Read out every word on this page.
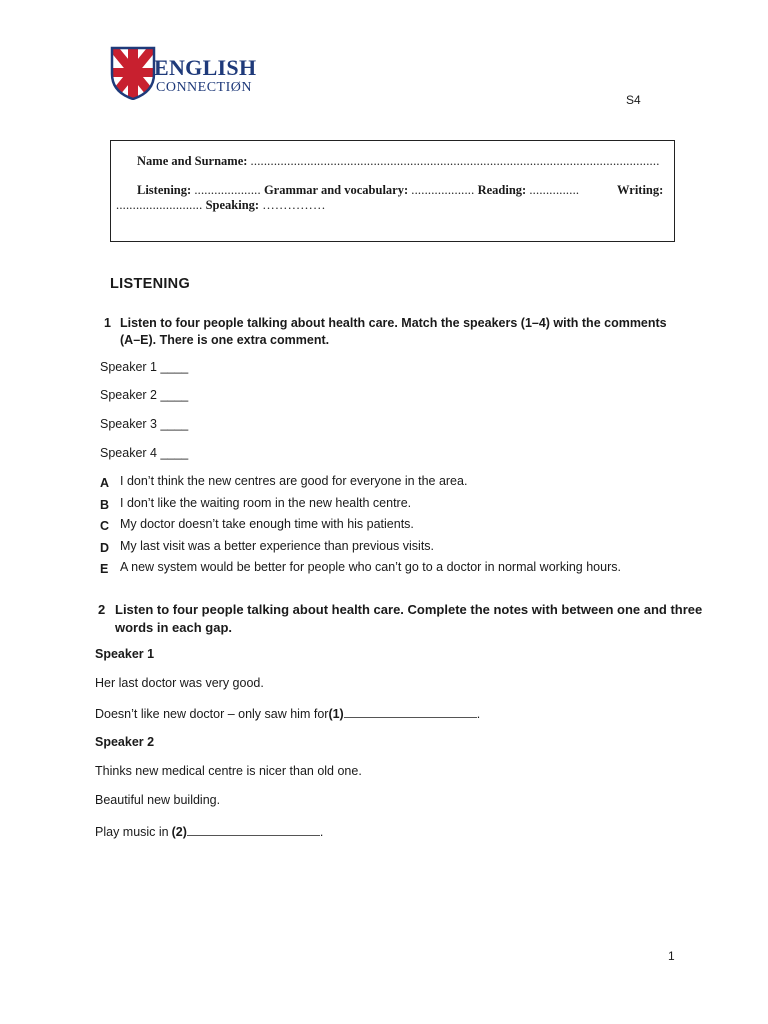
ENGLISH
CONNECTIØN
S4
Name and Surname: ...........................................................................................................................
Listening: .................... Grammar and vocabulary: ................... Reading: ...............	Writing:
.......................... Speaking: ……………
LISTENING
1 Listen to four people talking about health care. Match the speakers (1–4) with the comments
(A–E). There is one extra comment.
Speaker 1 ____
Speaker 2 ____
Speaker 3 ____
Speaker 4 ____
A I don’t think the new centres are good for everyone in the area.
B I don’t like the waiting room in the new health centre.
C My doctor doesn’t take enough time with his patients.
D My last visit was a better experience than previous visits.
E A new system would be better for people who can’t go to a doctor in normal working hours.
2 Listen to four people talking about health care. Complete the notes with between one and three
words in each gap.
Speaker 1
Her last doctor was very good.
Doesn’t like new doctor – only saw him for(1)	.
Speaker 2
Thinks new medical centre is nicer than old one.
Beautiful new building.
Play music in (2)	.
1
